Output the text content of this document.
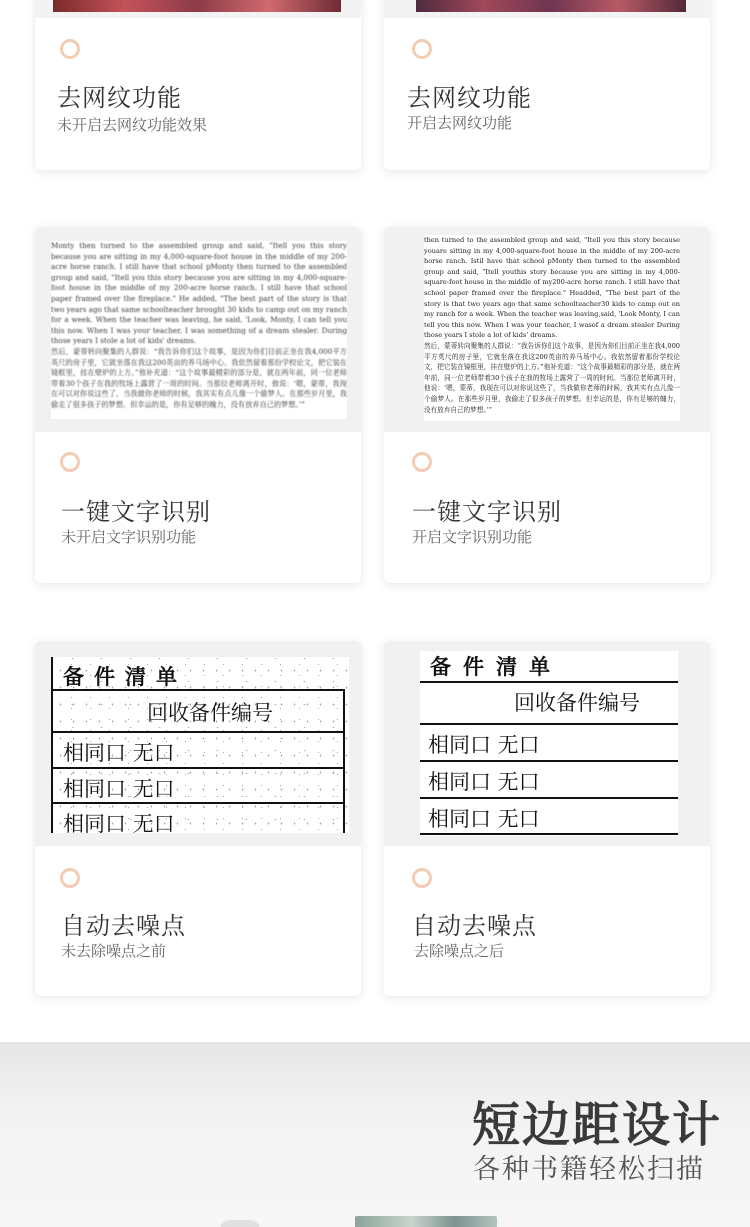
去网纹功能
未开启去网纹功能效果
去网纹功能
开启去网纹功能
Monty then turned to the assembled group and said, "Itell you this story because you are sitting in my 4,000-square-foot house in the middle of my 200-acre horse ranch. I still have that school pMonty then turned to the assembled group and said, "Itell you this story because you are sitting in my 4,000-square-foot house in the middle of my 200-acre horse ranch. I still have that school paper framed over the fireplace." He added, "The best part of the story is that two years ago that same schoolteacher brought 30 kids to camp out on my ranch for a week. When the teacher was leaving, he said, 'Look, Monty, I can tell you this now. When I was your teacher, I was something of a dream stealer. During those years I stole a lot of kids' dreams.
然后，蒙蒂转向聚集的人群说：“我告诉你们这个故事，是因为你们目前正坐在我4,000平方英尺的房子里，它就坐落在我这200英亩的养马场中心。我依然留着那份学校论文，把它装在镜框里，挂在壁炉的上方。”他补充道：“这个故事最精彩的部分是，就在两年前，同一位老师带着30个孩子在我的牧场上露营了一周的时间。当那位老师离开时，他说：‘嗯，蒙蒂，我现在可以对你说这些了，当我做你老师的时候，我其实有点儿像一个偷梦人。在那些岁月里，我偷走了很多孩子的梦想。但幸运的是，你有足够的魄力，没有放弃自己的梦想。’”
一键文字识别
未开启文字识别功能
then turned to the assembled group and said, "Itell you this story because youare sitting in my 4,000-square-foot house in the middle of my 200-acre horse ranch. Istil have that school pMonty then turned to the assembled group and said, "Itell youthis story because you are sitting in my 4,000-square-foot house in the middle of my200-acre horse ranch. I still have that school paper framed over the fireplace." Headded, "The best part of the story is that two years ago that same schoolteacher30 kids to camp out on my ranch for a week. When the teacher was leaving,said, 'Look Monty, I can tell you this now. When I was your teacher, I wasof a dream stealer During those years I stole a lot of kids' dreams.
然后，蒙蒂转向聚集的人群说：“我告诉你们这个故事，是因为你们目前正坐在我4,000平方英尺的房子里，它就坐落在我这200英亩的养马场中心。我依然留着那份学校论文，把它装在镜框里，挂在壁炉的上方。”他补充道：“这个故事最精彩的部分是，就在两年前，同一位老师带着30个孩子在我的牧场上露营了一周的时间。当那位老师离开时，他说：‘嗯，蒙蒂，我现在可以对你说这些了，当我做你老师的时候，我其实有点儿像一个偷梦人。在那些岁月里，我偷走了很多孩子的梦想。但幸运的是，你有足够的魄力，没有放弃自己的梦想。’”
一键文字识别
开启文字识别功能
备件清单
回收备件编号
相同口 无口
相同口 无口
相同口 无口
自动去噪点
未去除噪点之前
备件清单
回收备件编号
相同口 无口
相同口 无口
相同口 无口
自动去噪点
去除噪点之后
短边距设计
各种书籍轻松扫描
